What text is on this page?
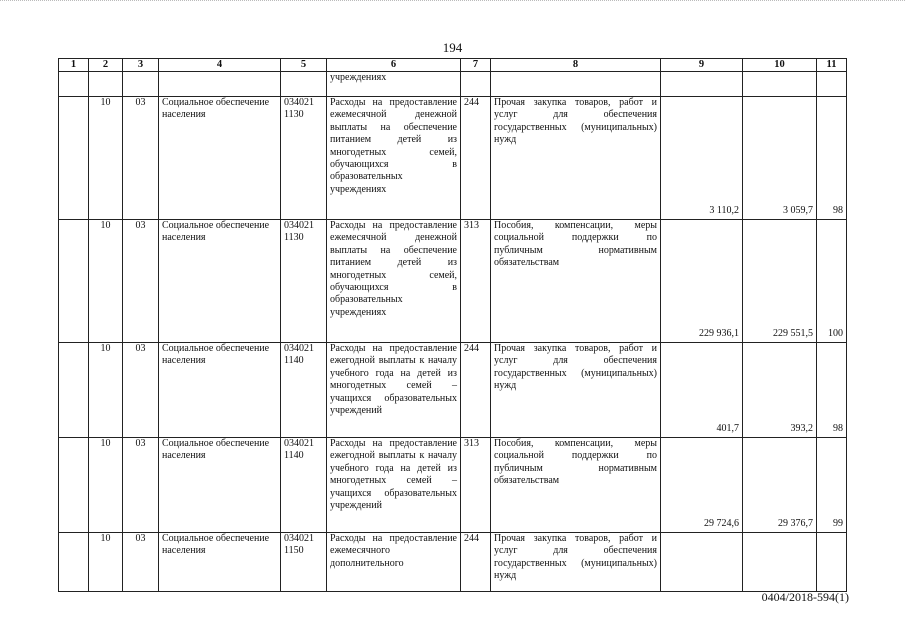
194
1	2	3	4	5	6	7	8	9	10	11
					учреждениях					
	10	03	Социальное обеспечение населения	034021 1130	Расходы на предоставление ежемесячной денежной выплаты на обеспечение питанием детей из многодетных семей, обучающихся в образовательных учреждениях	244	Прочая закупка товаров, работ и услуг для обеспечения государственных (муниципальных) нужд	3 110,2	3 059,7	98
	10	03	Социальное обеспечение населения	034021 1130	Расходы на предоставление ежемесячной денежной выплаты на обеспечение питанием детей из многодетных семей, обучающихся в образовательных учреждениях	313	Пособия, компенсации, меры социальной поддержки по публичным нормативным обязательствам	229 936,1	229 551,5	100
	10	03	Социальное обеспечение населения	034021 1140	Расходы на предоставление ежегодной выплаты к началу учебного года на детей из многодетных семей – учащихся образовательных учреждений	244	Прочая закупка товаров, работ и услуг для обеспечения государственных (муниципальных) нужд	401,7	393,2	98
	10	03	Социальное обеспечение населения	034021 1140	Расходы на предоставление ежегодной выплаты к началу учебного года на детей из многодетных семей – учащихся образовательных учреждений	313	Пособия, компенсации, меры социальной поддержки по публичным нормативным обязательствам	29 724,6	29 376,7	99
	10	03	Социальное обеспечение населения	034021 1150	Расходы на предоставление ежемесячного дополнительного	244	Прочая закупка товаров, работ и услуг для обеспечения государственных (муниципальных) нужд			
0404/2018-594(1)
